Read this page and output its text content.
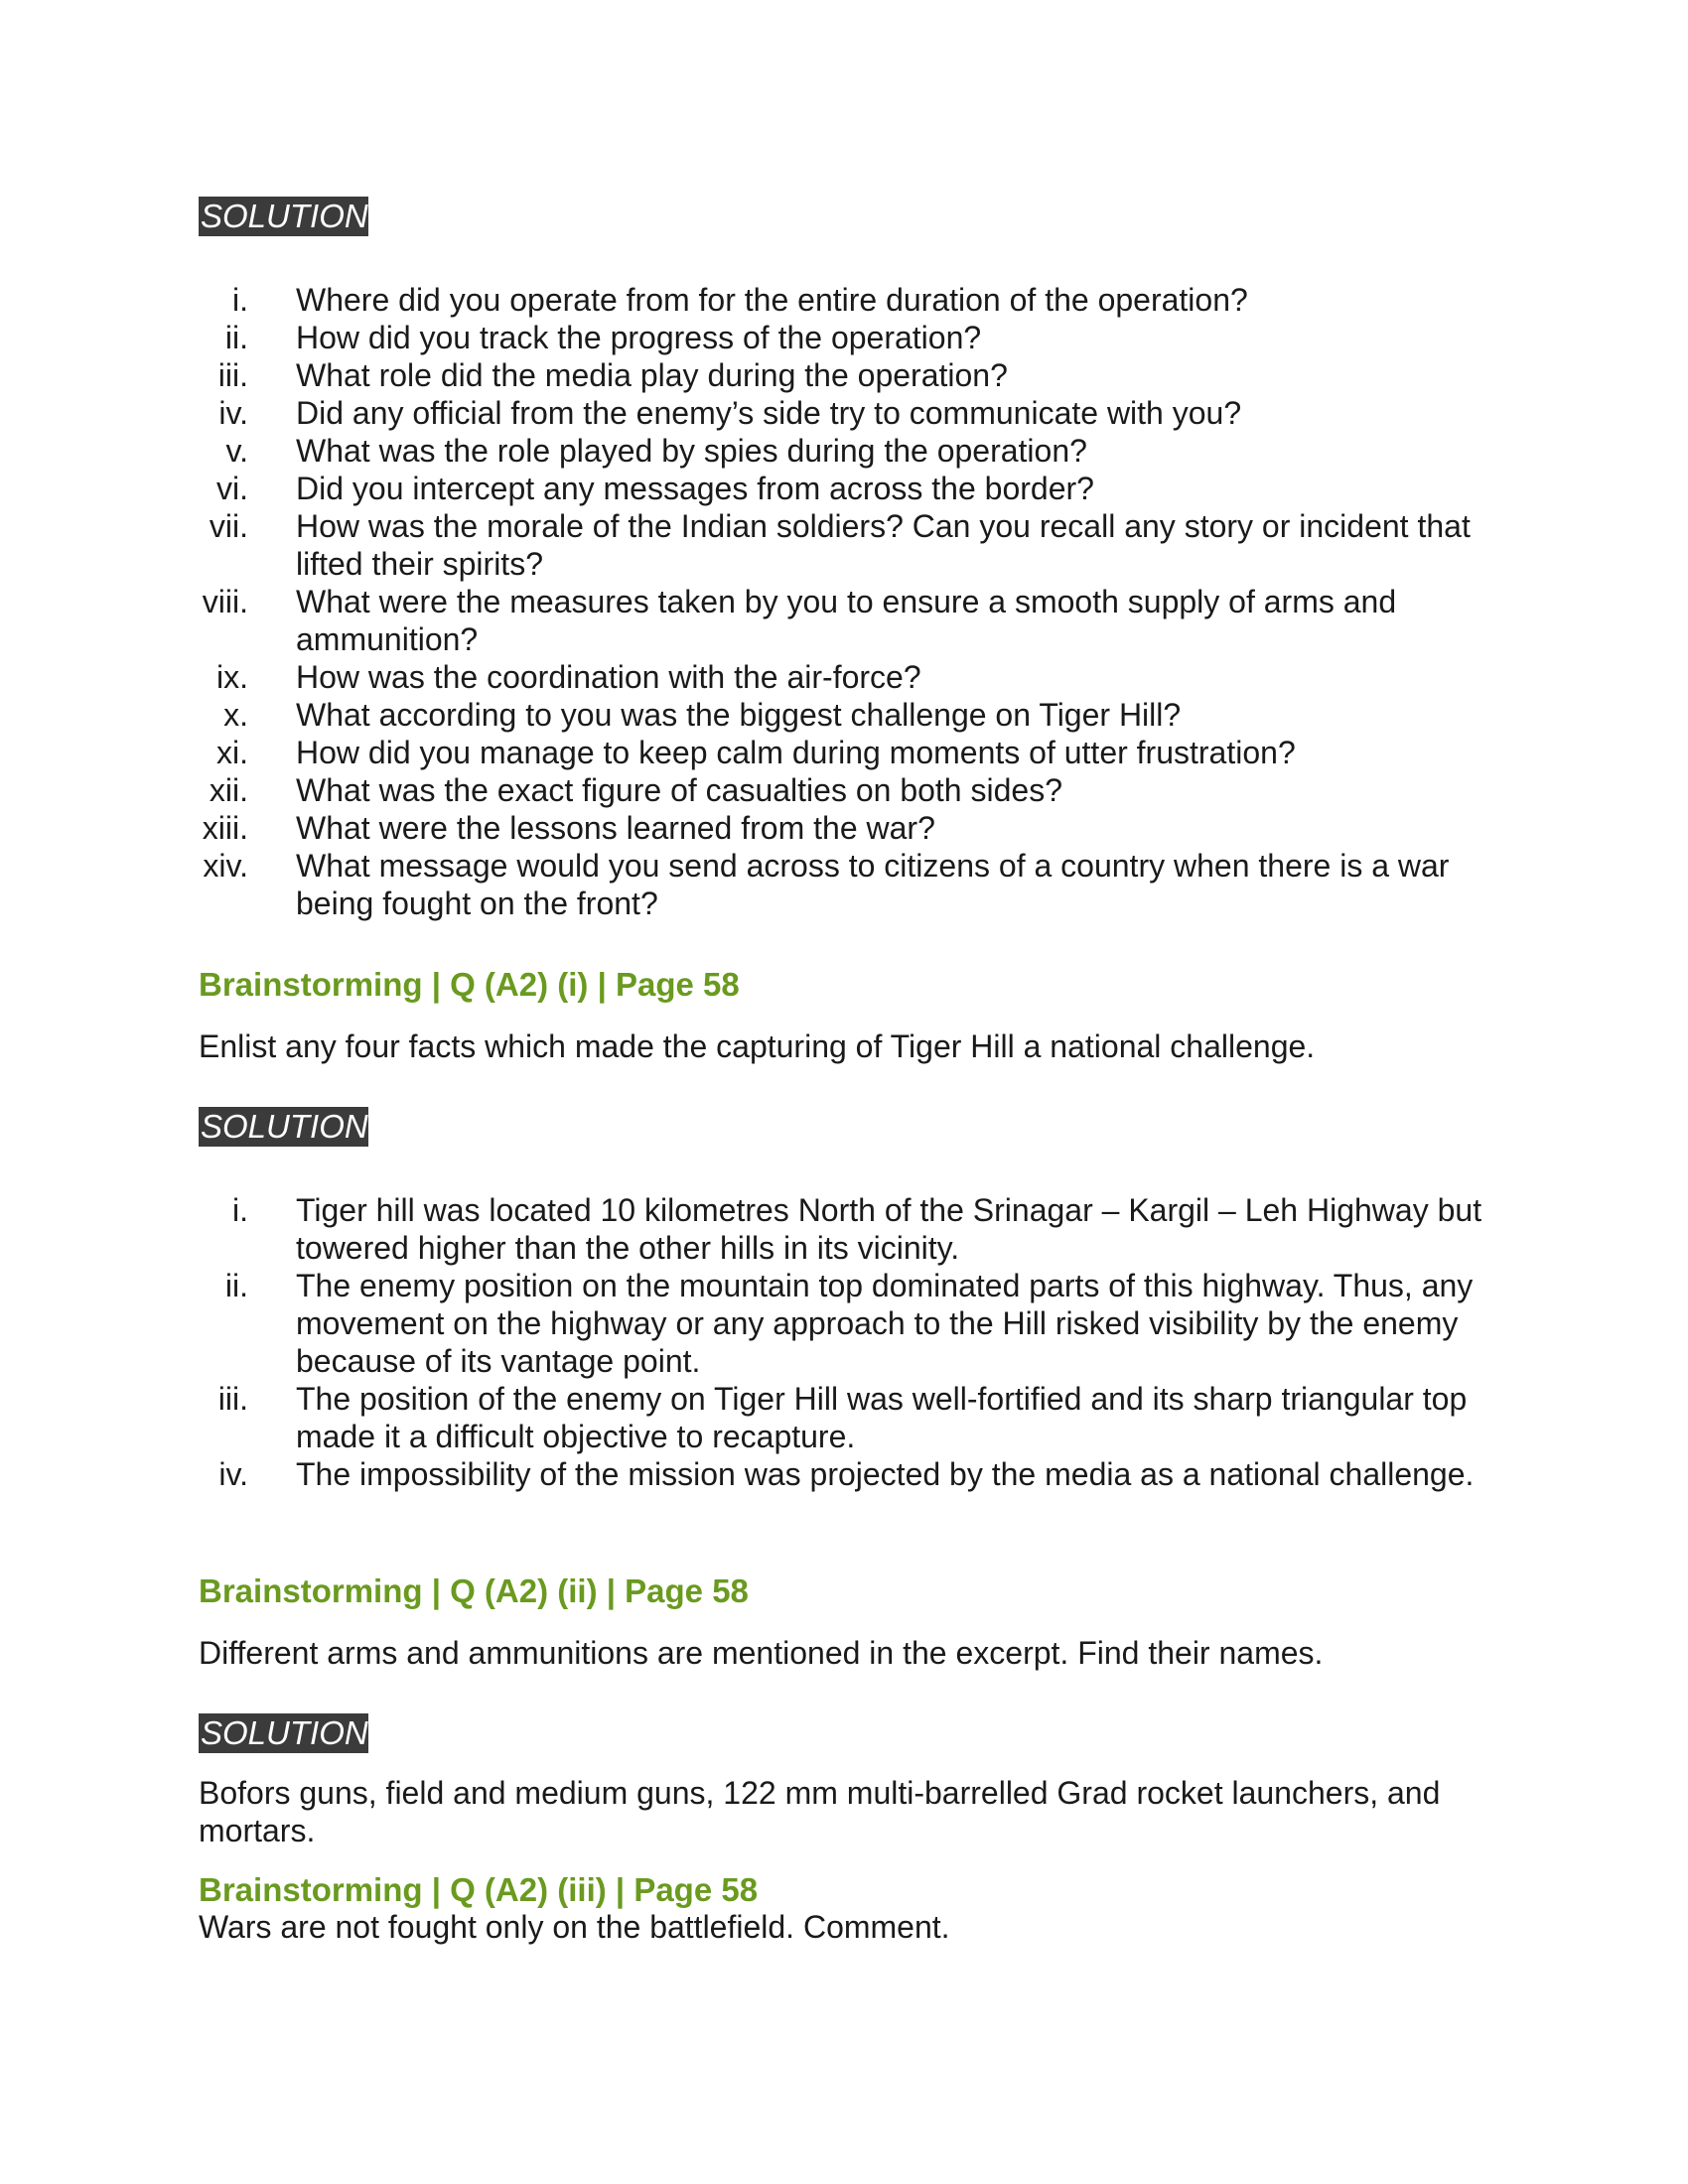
SOLUTION
i. Where did you operate from for the entire duration of the operation?
ii. How did you track the progress of the operation?
iii. What role did the media play during the operation?
iv. Did any official from the enemy’s side try to communicate with you?
v. What was the role played by spies during the operation?
vi. Did you intercept any messages from across the border?
vii. How was the morale of the Indian soldiers? Can you recall any story or incident that lifted their spirits?
viii. What were the measures taken by you to ensure a smooth supply of arms and ammunition?
ix. How was the coordination with the air-force?
x. What according to you was the biggest challenge on Tiger Hill?
xi. How did you manage to keep calm during moments of utter frustration?
xii. What was the exact figure of casualties on both sides?
xiii. What were the lessons learned from the war?
xiv. What message would you send across to citizens of a country when there is a war being fought on the front?
Brainstorming | Q (A2) (i) | Page 58
Enlist any four facts which made the capturing of Tiger Hill a national challenge.
SOLUTION
i. Tiger hill was located 10 kilometres North of the Srinagar – Kargil – Leh Highway but towered higher than the other hills in its vicinity.
ii. The enemy position on the mountain top dominated parts of this highway. Thus, any movement on the highway or any approach to the Hill risked visibility by the enemy because of its vantage point.
iii. The position of the enemy on Tiger Hill was well-fortified and its sharp triangular top made it a difficult objective to recapture.
iv. The impossibility of the mission was projected by the media as a national challenge.
Brainstorming | Q (A2) (ii) | Page 58
Different arms and ammunitions are mentioned in the excerpt. Find their names.
SOLUTION
Bofors guns, field and medium guns, 122 mm multi-barrelled Grad rocket launchers, and mortars.
Brainstorming | Q (A2) (iii) | Page 58
Wars are not fought only on the battlefield. Comment.
